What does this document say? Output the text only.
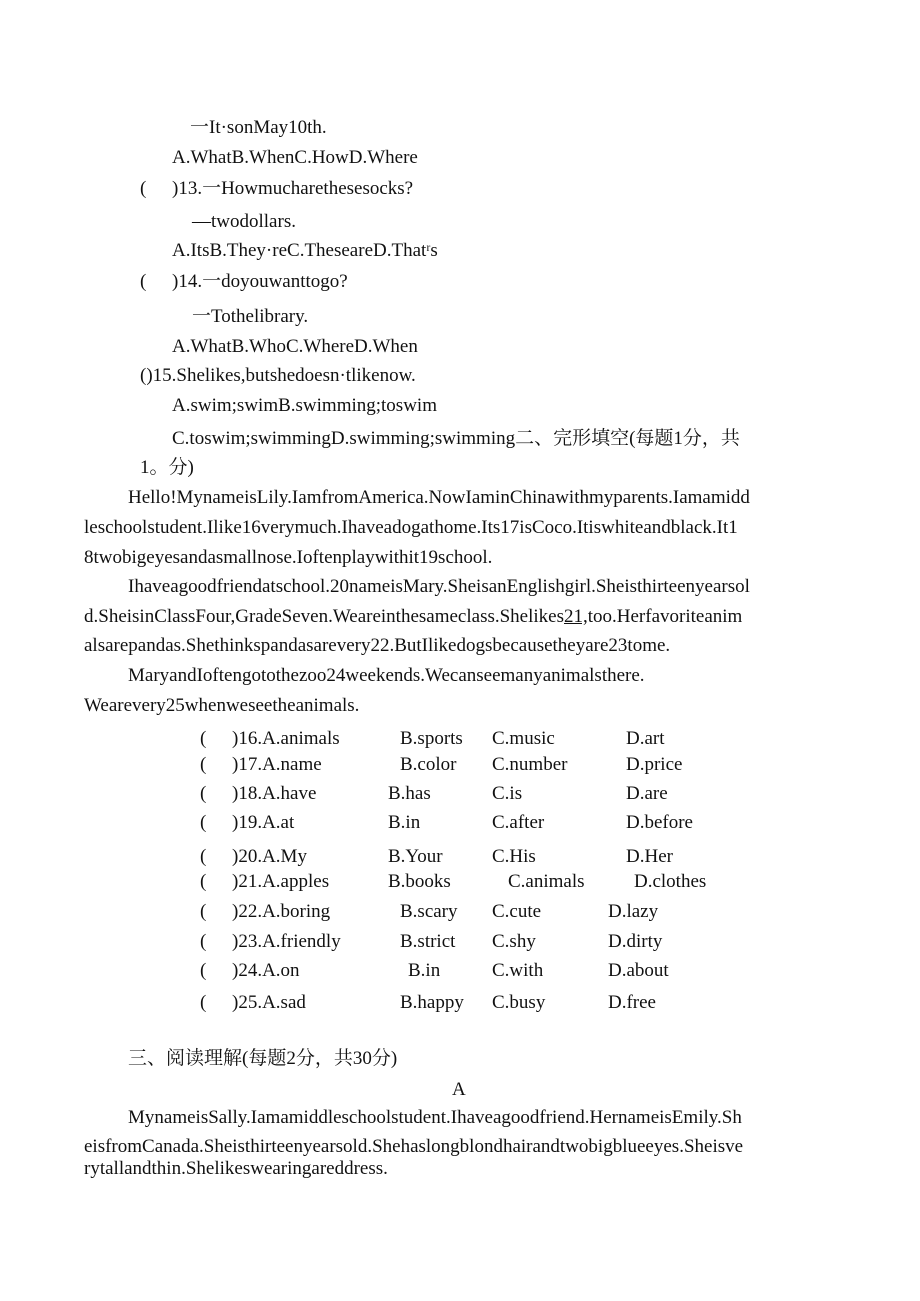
一It·sonMay10th.
A.WhatB.WhenC.HowD.Where
( )13.一Howmucharethesesocks?
—twodollars.
A.ItsB.They·reC.ThesearеD.Thatʳs
( )14.一doyouwanttogo?
一Tothelibrary.
A.WhatB.WhoC.WhereD.When
()15.Shelikes,butshedoesn·tlikenow.
A.swim;swimB.swimming;toswim
C.toswim;swimmingD.swimming;swimming二、完形填空(每题1分，共
1。分)
Hello!MynameisLily.IamfromAmerica.NowIaminChinawithmyparents.Iamamidd
leschoolstudent.Ilike16verymuch.Ihaveadogathome.Its17isCoco.Itiswhiteandblack.It1
8twobigeyesandasmallnose.Ioftenplaywithit19school.
Ihaveagoodfriendatschool.20nameisMary.SheisanEnglishgirl.Sheisthirteenyearsol
d.SheisinClassFour,GradeSeven.Weareinthesameclass.Shelikes21,too.Herfavoriteanim
alsarepandas.Shethinkspandasarevery22.ButIlikedogsbecausetheyare23tome.
MaryandIoftengotothezoo24weekends.Wecanseemanyanimalsthere.
Wearevery25whenweseetheanimals.
( )16.A.animals	B.sports C.music	D.art
( )17.A.name	B.color C.number	D.price
( )18.A.have	B.has	C.is	D.are
( )19.A.at	B.in	C.after	D.before
( )20.A.My	B.Your	C.His	D.Her
( )21.A.apples	B.books	C.animals	D.clothes
( )22.A.boring	B.scary C.cute	D.lazy
( )23.A.friendly	B.strict C.shy	D.dirty
( )24.A.on	B.in	C.with	D.about
( )25.A.sad	B.happy C.busy	D.free
三、阅读理解(每题2分，共30分)
A
MynameisSally.Iamamiddleschoolstudent.Ihaveagoodfriend.HernameisEmily.Sh
eisfromCanada.Sheisthirteenyearsold.Shehaslongblondhairandtwobigblueeyes.Sheisve
rytallandthin.Shelikeswearingareddress.
